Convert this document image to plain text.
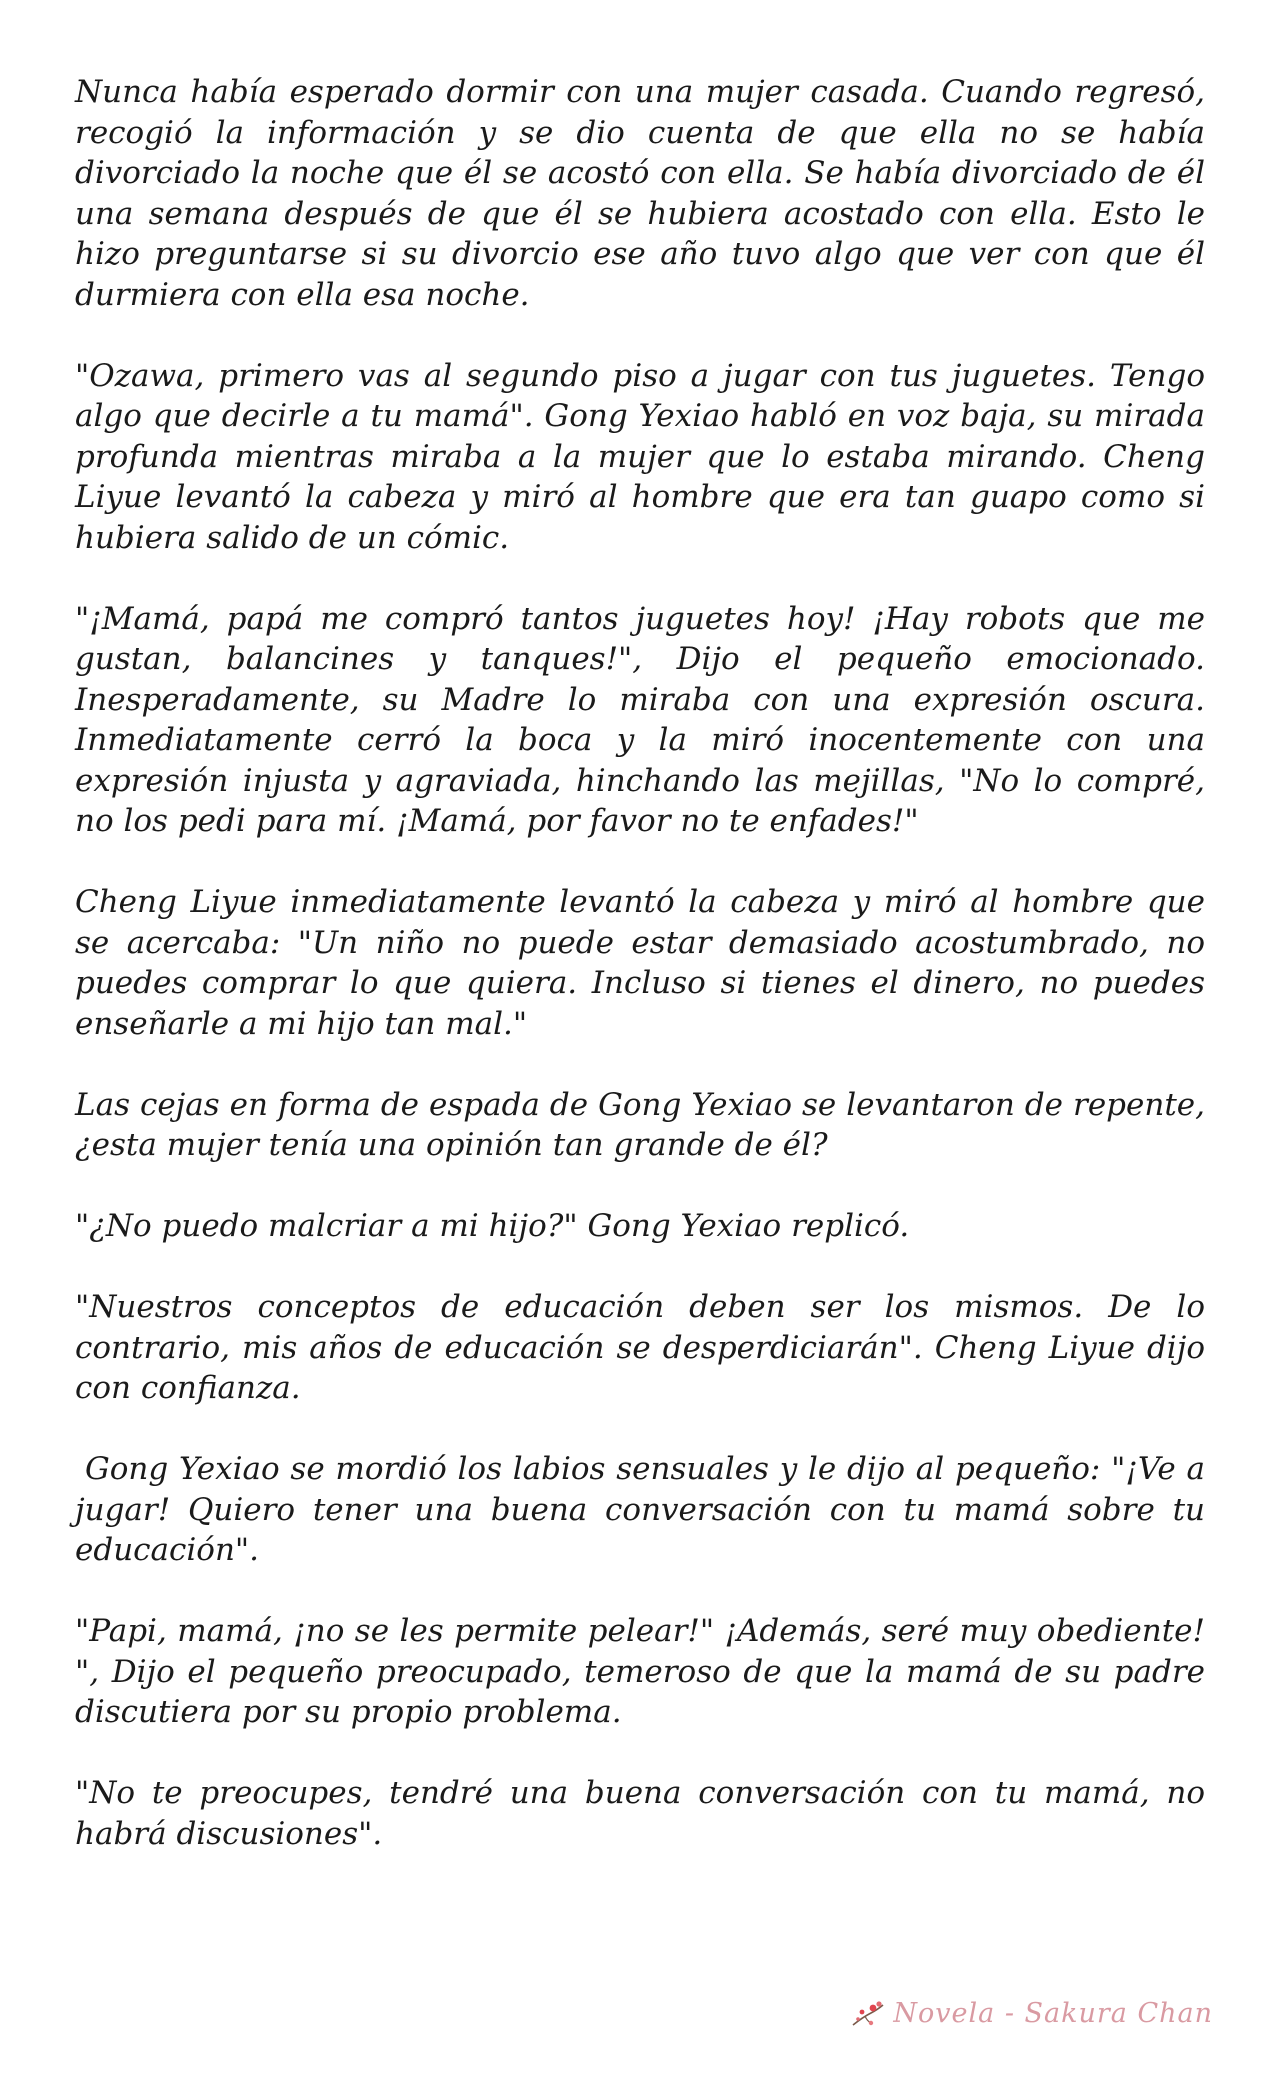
Nunca había esperado dormir con una mujer casada. Cuando regresó, recogió la información y se dio cuenta de que ella no se había divorciado la noche que él se acostó con ella. Se había divorciado de él una semana después de que él se hubiera acostado con ella. Esto le hizo preguntarse si su divorcio ese año tuvo algo que ver con que él durmiera con ella esa noche.

"Ozawa, primero vas al segundo piso a jugar con tus juguetes. Tengo algo que decirle a tu mamá". Gong Yexiao habló en voz baja, su mirada profunda mientras miraba a la mujer que lo estaba mirando. Cheng Liyue levantó la cabeza y miró al hombre que era tan guapo como si hubiera salido de un cómic.

"¡Mamá, papá me compró tantos juguetes hoy! ¡Hay robots que me gustan, balancines y tanques!", Dijo el pequeño emocionado. Inesperadamente, su Madre lo miraba con una expresión oscura. Inmediatamente cerró la boca y la miró inocentemente con una expresión injusta y agraviada, hinchando las mejillas, "No lo compré, no los pedi para mí. ¡Mamá, por favor no te enfades!"

Cheng Liyue inmediatamente levantó la cabeza y miró al hombre que se acercaba: "Un niño no puede estar demasiado acostumbrado, no puedes comprar lo que quiera. Incluso si tienes el dinero, no puedes enseñarle a mi hijo tan mal."

Las cejas en forma de espada de Gong Yexiao se levantaron de repente, ¿esta mujer tenía una opinión tan grande de él?

"¿No puedo malcriar a mi hijo?" Gong Yexiao replicó.

"Nuestros conceptos de educación deben ser los mismos. De lo contrario, mis años de educación se desperdiciarán". Cheng Liyue dijo con confianza.

Gong Yexiao se mordió los labios sensuales y le dijo al pequeño: "¡Ve a jugar! Quiero tener una buena conversación con tu mamá sobre tu educación".

"Papi, mamá, ¡no se les permite pelear!" ¡Además, seré muy obediente! ", Dijo el pequeño preocupado, temeroso de que la mamá de su padre discutiera por su propio problema.

"No te preocupes, tendré una buena conversación con tu mamá, no habrá discusiones".

Novela - Sakura Chan
